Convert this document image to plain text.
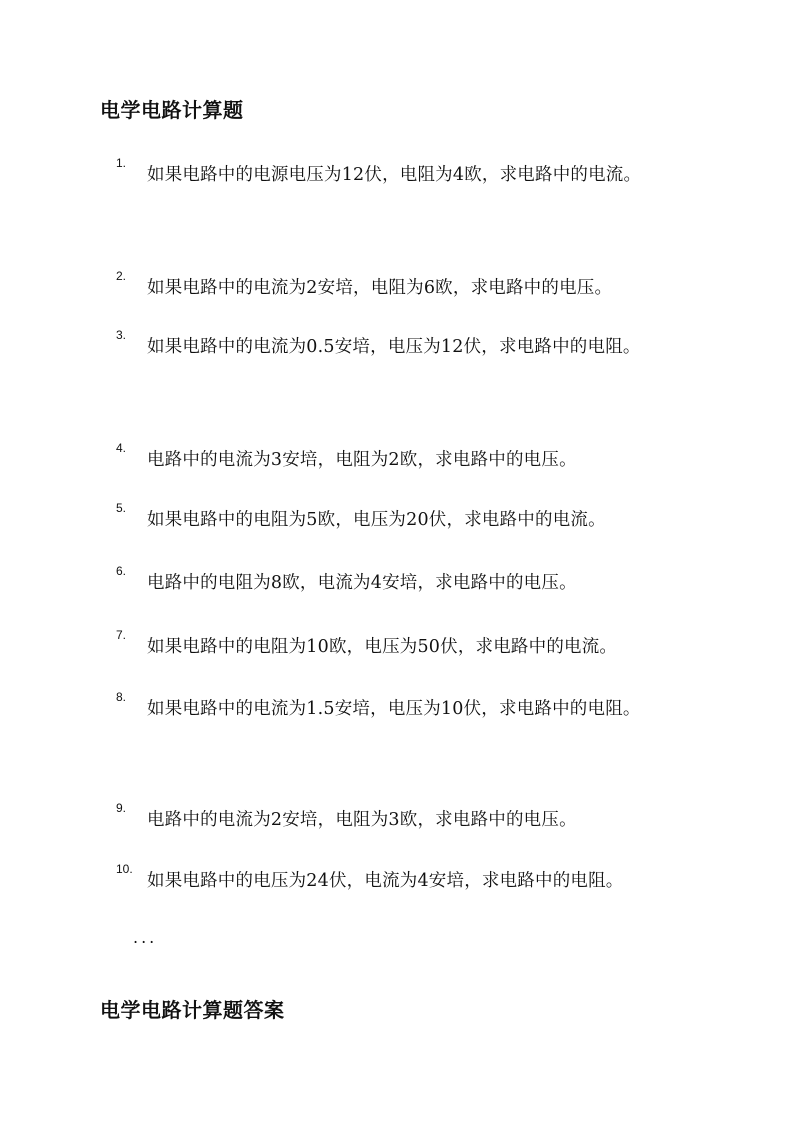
电学电路计算题
1.

如果电路中的电源电压为12伏，电阻为4欧，求电路中的电流。

2.

如果电路中的电流为2安培，电阻为6欧，求电路中的电压。

3.

如果电路中的电流为0.5安培，电压为12伏，求电路中的电阻。

4.

电路中的电流为3安培，电阻为2欧，求电路中的电压。

5.

如果电路中的电阻为5欧，电压为20伏，求电路中的电流。

6.

电路中的电阻为8欧，电流为4安培，求电路中的电压。

7.

如果电路中的电阻为10欧，电压为50伏，求电路中的电流。

8.

如果电路中的电流为1.5安培，电压为10伏，求电路中的电阻。

9.

电路中的电流为2安培，电阻为3欧，求电路中的电压。

10.

如果电路中的电压为24伏，电流为4安培，求电路中的电阻。

...
电学电路计算题答案
